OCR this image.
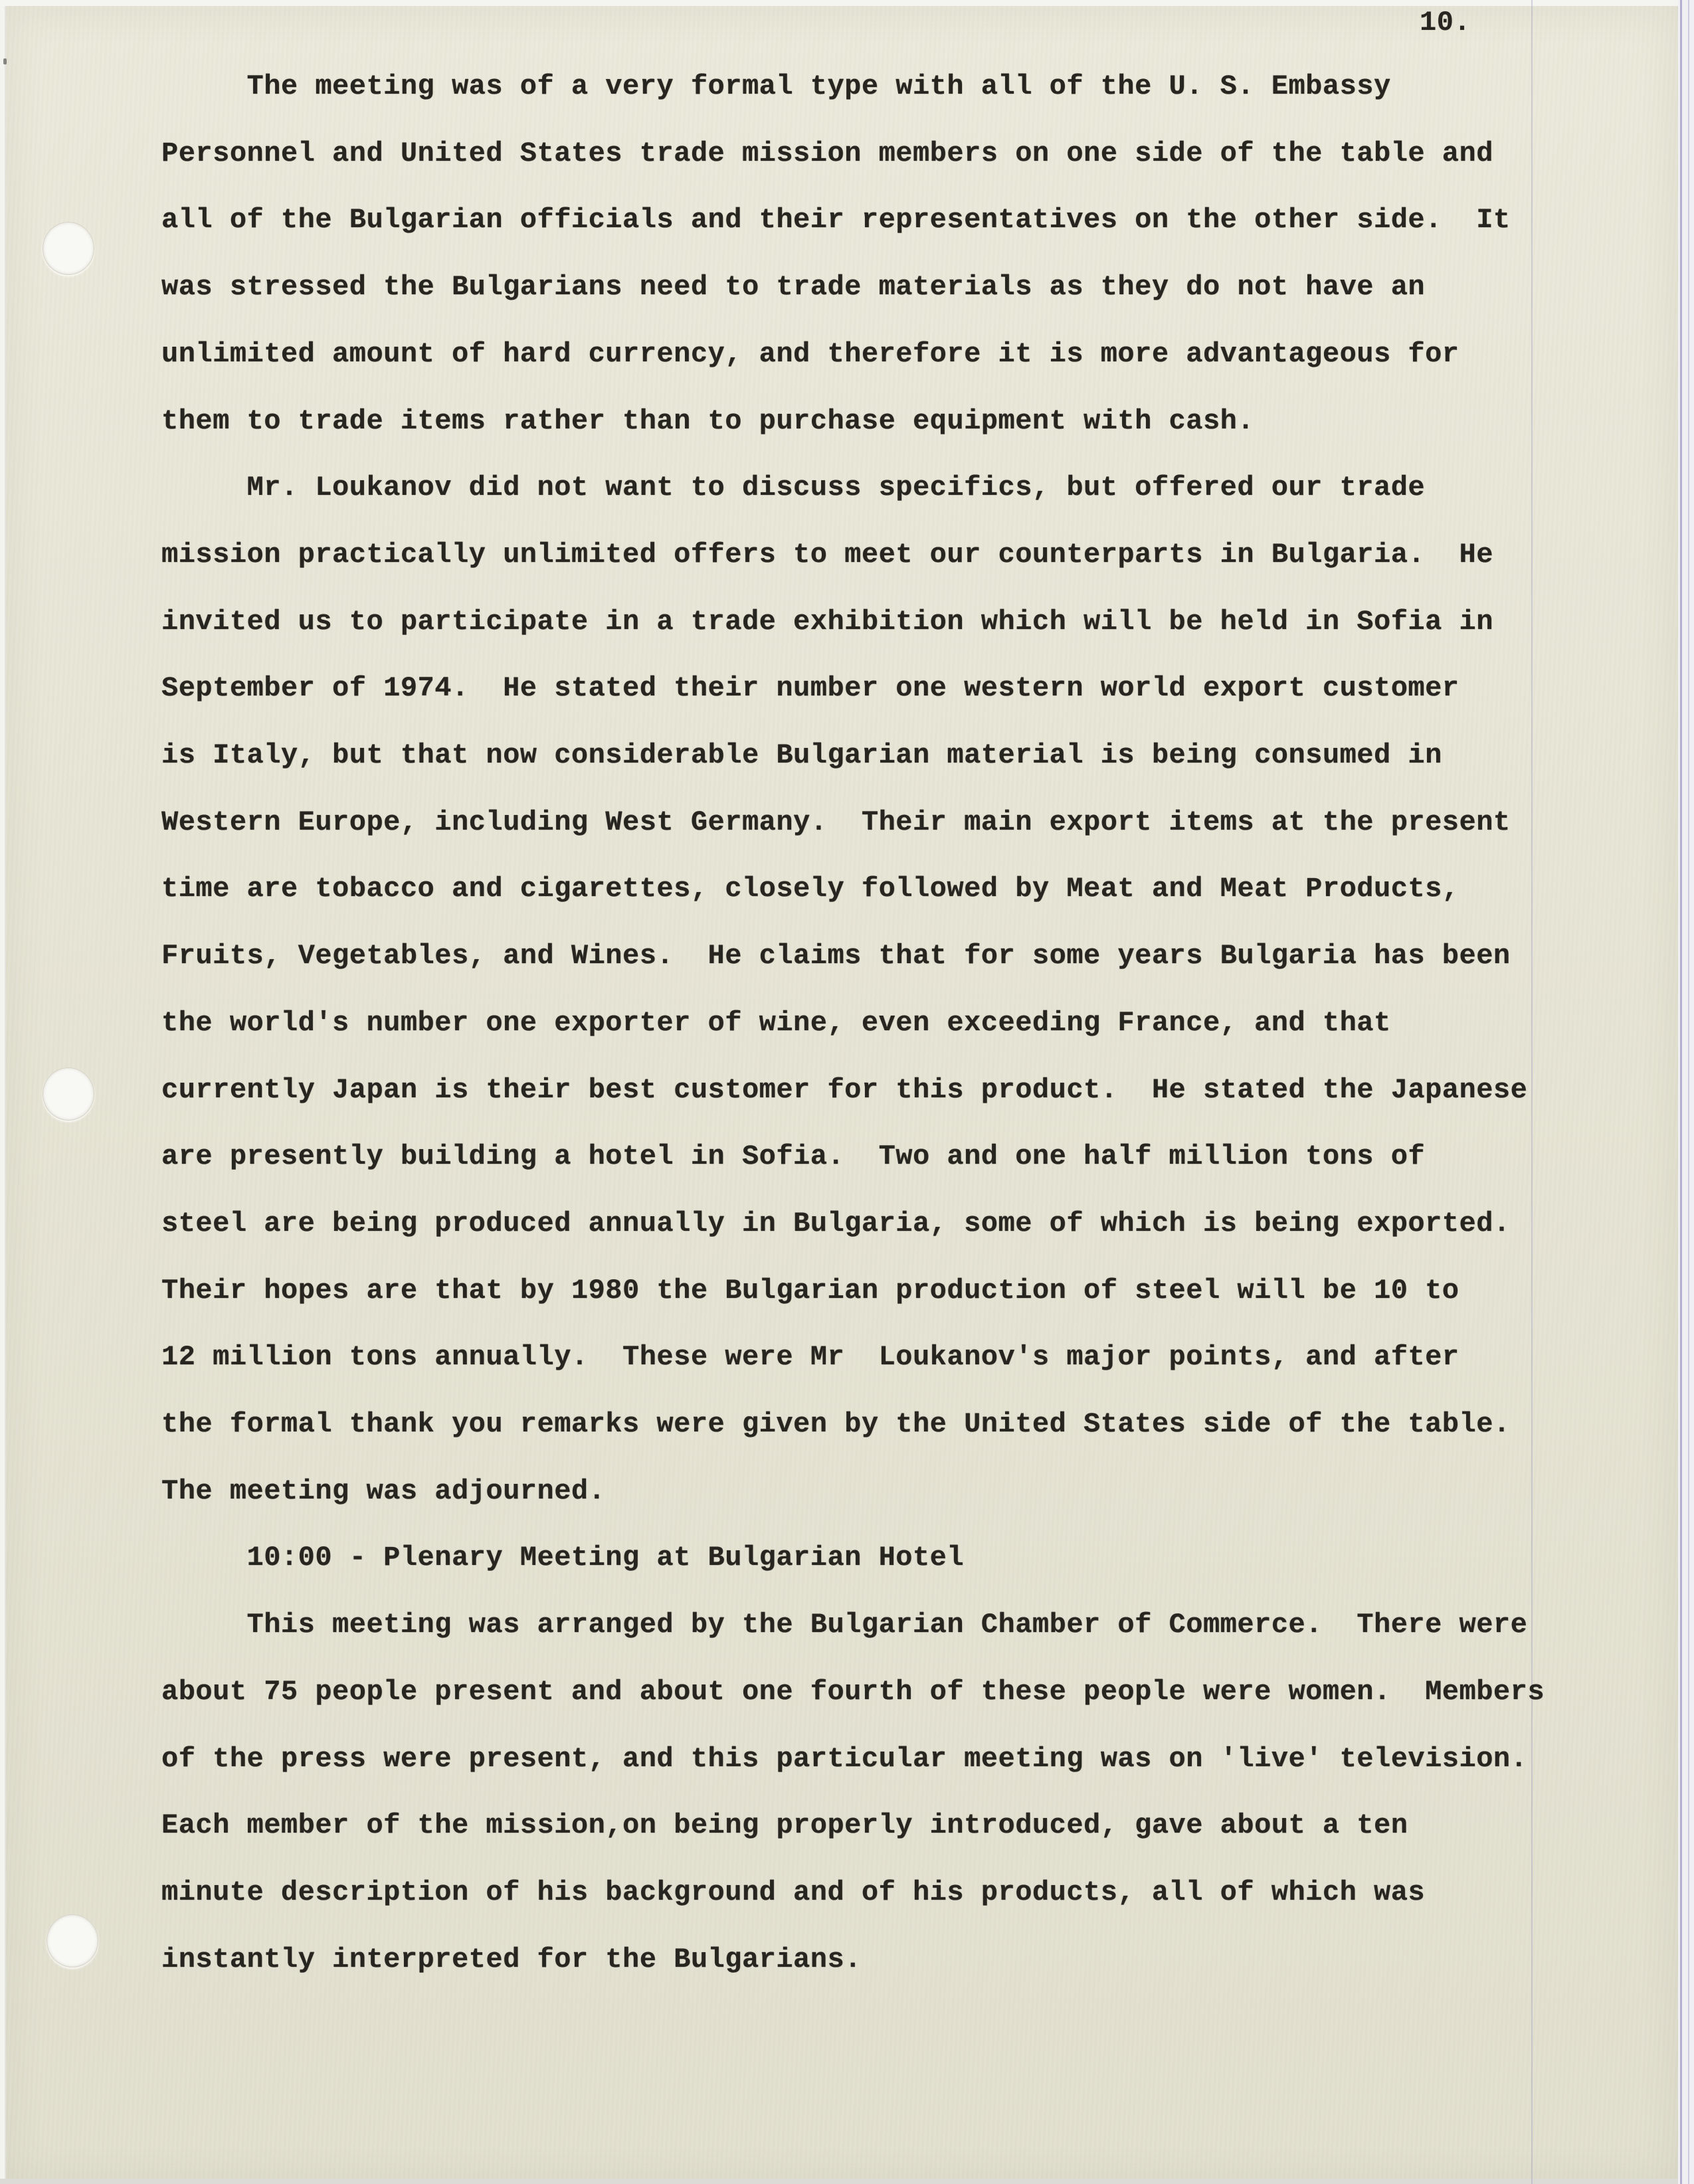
10.
The meeting was of a very formal type with all of the U. S. Embassy
Personnel and United States trade mission members on one side of the table and
all of the Bulgarian officials and their representatives on the other side.  It
was stressed the Bulgarians need to trade materials as they do not have an
unlimited amount of hard currency, and therefore it is more advantageous for
them to trade items rather than to purchase equipment with cash.
Mr. Loukanov did not want to discuss specifics, but offered our trade
mission practically unlimited offers to meet our counterparts in Bulgaria.  He
invited us to participate in a trade exhibition which will be held in Sofia in
September of 1974.  He stated their number one western world export customer
is Italy, but that now considerable Bulgarian material is being consumed in
Western Europe, including West Germany.  Their main export items at the present
time are tobacco and cigarettes, closely followed by Meat and Meat Products,
Fruits, Vegetables, and Wines.  He claims that for some years Bulgaria has been
the world's number one exporter of wine, even exceeding France, and that
currently Japan is their best customer for this product.  He stated the Japanese
are presently building a hotel in Sofia.  Two and one half million tons of
steel are being produced annually in Bulgaria, some of which is being exported.
Their hopes are that by 1980 the Bulgarian production of steel will be 10 to
12 million tons annually.  These were Mr  Loukanov's major points, and after
the formal thank you remarks were given by the United States side of the table.
The meeting was adjourned.
10:00 - Plenary Meeting at Bulgarian Hotel
This meeting was arranged by the Bulgarian Chamber of Commerce.  There were
about 75 people present and about one fourth of these people were women.  Members
of the press were present, and this particular meeting was on 'live' television.
Each member of the mission,on being properly introduced, gave about a ten
minute description of his background and of his products, all of which was
instantly interpreted for the Bulgarians.
